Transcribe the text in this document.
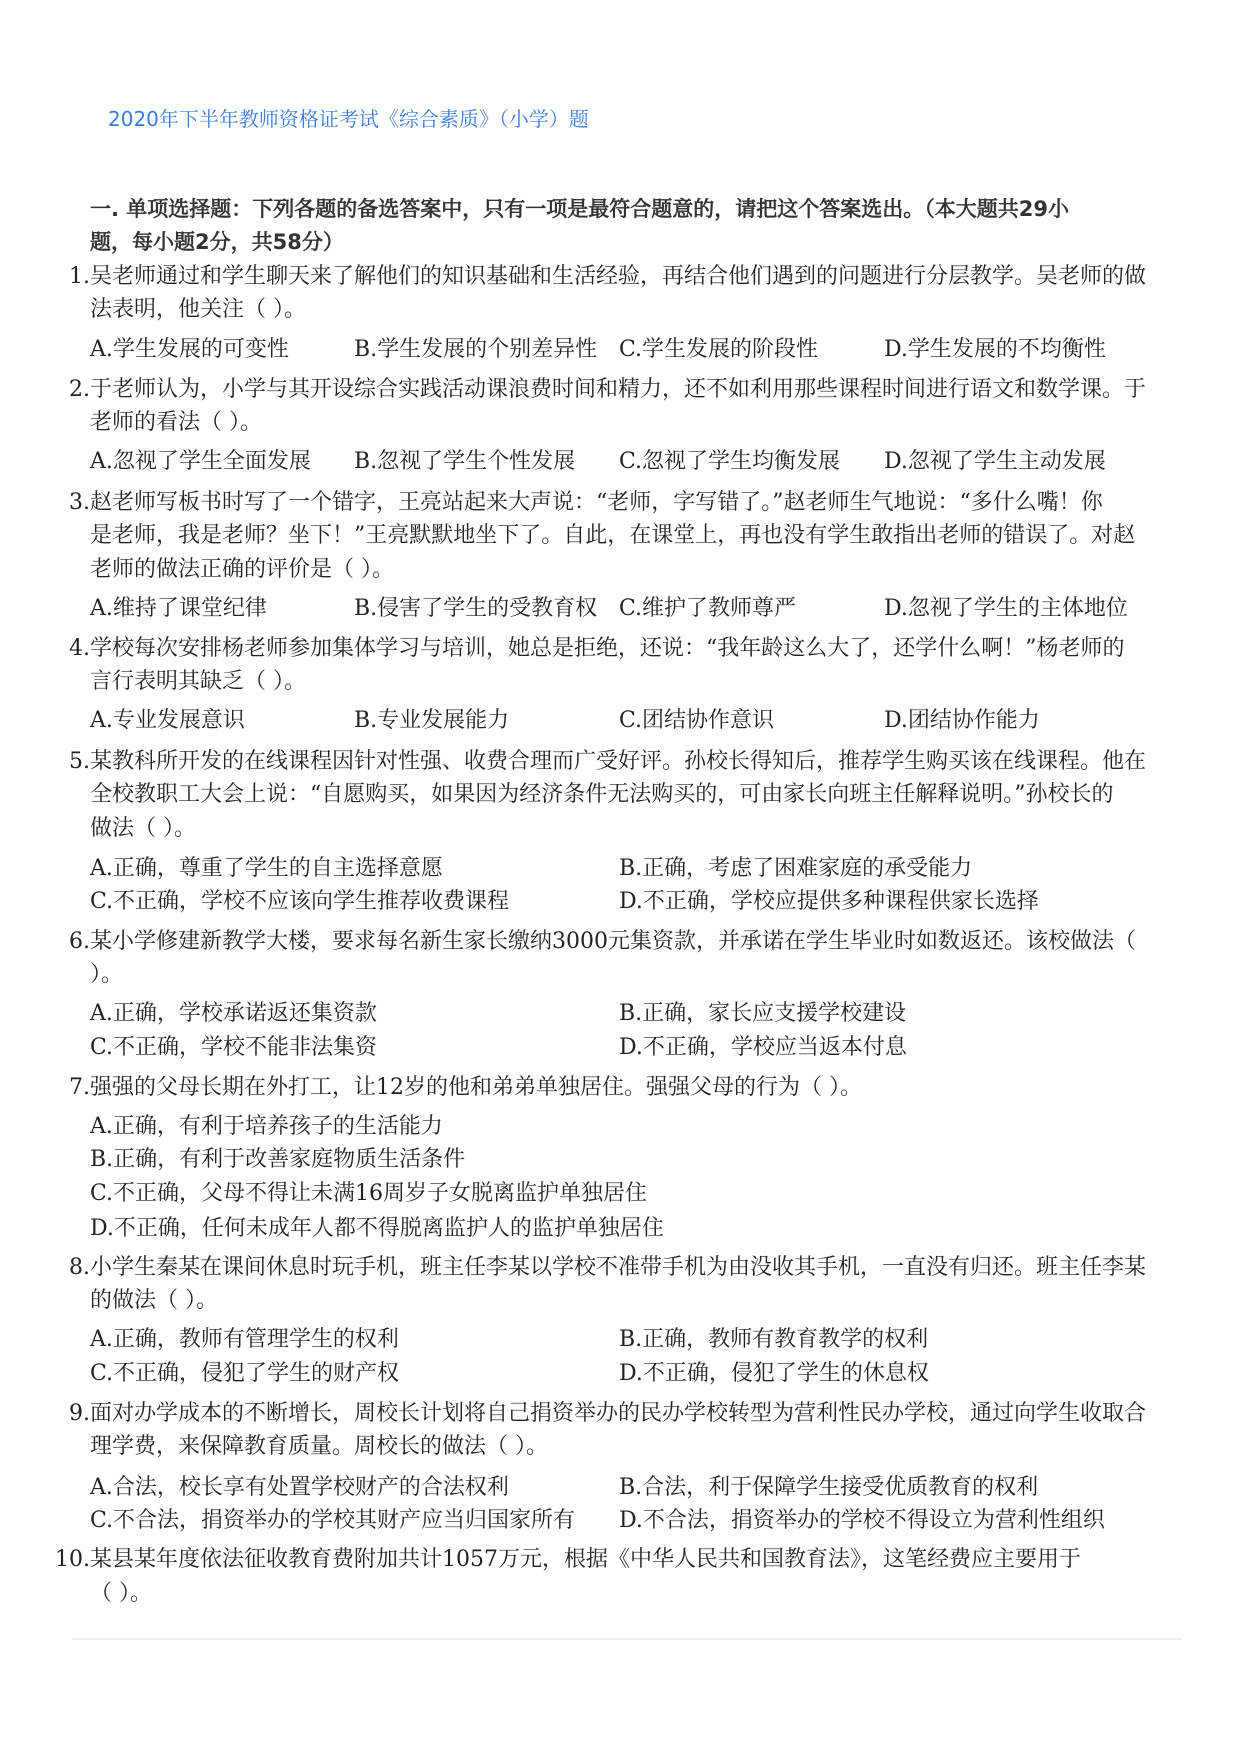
2020年下半年教师资格证考试《综合素质》（小学）题
一. 单项选择题：下列各题的备选答案中，只有一项是最符合题意的，请把这个答案选出。（本大题共29小
题，每小题2分，共58分）
1. 吴老师通过和学生聊天来了解他们的知识基础和生活经验，再结合他们遇到的问题进行分层教学。吴老师的做
法表明，他关注（ ）。
A.学生发展的可变性	B.学生发展的个别差异性 C.学生发展的阶段性	D.学生发展的不均衡性
2. 于老师认为，小学与其开设综合实践活动课浪费时间和精力，还不如利用那些课程时间进行语文和数学课。于
老师的看法（ ）。
A.忽视了学生全面发展 B.忽视了学生个性发展 C.忽视了学生均衡发展 D.忽视了学生主动发展
3. 赵老师写板书时写了一个错字，王亮站起来大声说：“老师，字写错了。”赵老师生气地说：“多什么嘴！你
是老师，我是老师？坐下！”王亮默默地坐下了。自此，在课堂上，再也没有学生敢指出老师的错误了。对赵
老师的做法正确的评价是（ ）。
A.维持了课堂纪律	B.侵害了学生的受教育权 C.维护了教师尊严	D.忽视了学生的主体地位
4. 学校每次安排杨老师参加集体学习与培训，她总是拒绝，还说：“我年龄这么大了，还学什么啊！”杨老师的
言行表明其缺乏（ ）。
A.专业发展意识	B.专业发展能力	C.团结协作意识	D.团结协作能力
5. 某教科所开发的在线课程因针对性强、收费合理而广受好评。孙校长得知后，推荐学生购买该在线课程。他在
全校教职工大会上说：“自愿购买，如果因为经济条件无法购买的，可由家长向班主任解释说明。”孙校长的
做法（ ）。
A.正确，尊重了学生的自主选择意愿	B.正确，考虑了困难家庭的承受能力
C.不正确，学校不应该向学生推荐收费课程	D.不正确，学校应提供多种课程供家长选择
6. 某小学修建新教学大楼，要求每名新生家长缴纳3000元集资款，并承诺在学生毕业时如数返还。该校做法（
）。
A.正确，学校承诺返还集资款	B.正确，家长应支援学校建设
C.不正确，学校不能非法集资	D.不正确，学校应当返本付息
7. 强强的父母长期在外打工，让12岁的他和弟弟单独居住。强强父母的行为（ ）。
A.正确，有利于培养孩子的生活能力
B.正确，有利于改善家庭物质生活条件
C.不正确，父母不得让未满16周岁子女脱离监护单独居住
D.不正确，任何未成年人都不得脱离监护人的监护单独居住
8. 小学生秦某在课间休息时玩手机，班主任李某以学校不准带手机为由没收其手机，一直没有归还。班主任李某
的做法（ ）。
A.正确，教师有管理学生的权利	B.正确，教师有教育教学的权利
C.不正确，侵犯了学生的财产权	D.不正确，侵犯了学生的休息权
9. 面对办学成本的不断增长，周校长计划将自己捐资举办的民办学校转型为营利性民办学校，通过向学生收取合
理学费，来保障教育质量。周校长的做法（ ）。
A.合法，校长享有处置学校财产的合法权利	B.合法，利于保障学生接受优质教育的权利
C.不合法，捐资举办的学校其财产应当归国家所有 D.不合法，捐资举办的学校不得设立为营利性组织
10. 某县某年度依法征收教育费附加共计1057万元，根据《中华人民共和国教育法》，这笔经费应主要用于
（ ）。
